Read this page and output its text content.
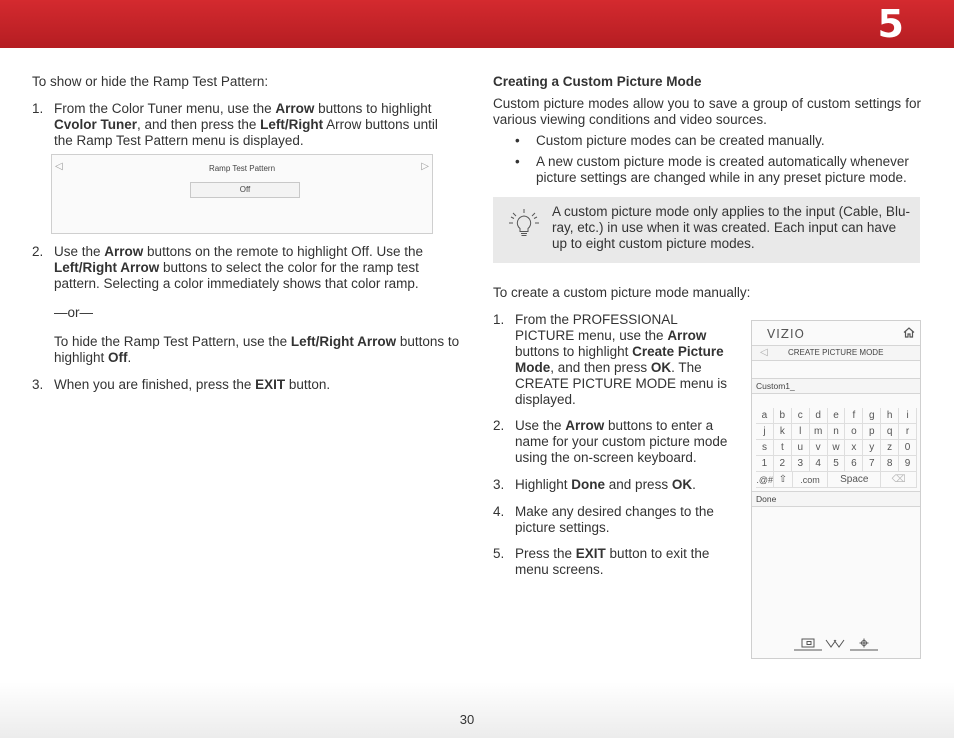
5

To show or hide the Ramp Test Pattern:

1. From the Color Tuner menu, use the Arrow buttons to highlight Cvolor Tuner, and then press the Left/Right Arrow buttons until the Ramp Test Pattern menu is displayed.
◁	Ramp Test Pattern	▷
Off
2. Use the Arrow buttons on the remote to highlight Off. Use the Left/Right Arrow buttons to select the color for the ramp test pattern. Selecting a color immediately shows that color ramp.

—or—

To hide the Ramp Test Pattern, use the Left/Right Arrow buttons to highlight Off.

3. When you are finished, press the EXIT button.
Creating a Custom Picture Mode

Custom picture modes allow you to save a group of custom settings for various viewing conditions and video sources.

• Custom picture modes can be created manually.
• A new custom picture mode is created automatically whenever picture settings are changed while in any preset picture mode.

A custom picture mode only applies to the input (Cable, Blu-ray, etc.) in use when it was created. Each input can have up to eight custom picture modes.

To create a custom picture mode manually:

1. From the PROFESSIONAL PICTURE menu, use the Arrow buttons to highlight Create Picture Mode, and then press OK. The CREATE PICTURE MODE menu is displayed.
2. Use the Arrow buttons to enter a name for your custom picture mode using the on-screen keyboard.
3. Highlight Done and press OK.
4. Make any desired changes to the picture settings.
5. Press the EXIT button to exit the menu screens.
VIZIO
◁	CREATE PICTURE MODE
Custom1_
a	b	c	d	e	f	g	h	i
j	k	l	m	n	o	p	q	r
s	t	u	v	w	x	y	z	0
1	2	3	4	5	6	7	8	9
.@# ⇧	.com	Space	⌫
Done
30
